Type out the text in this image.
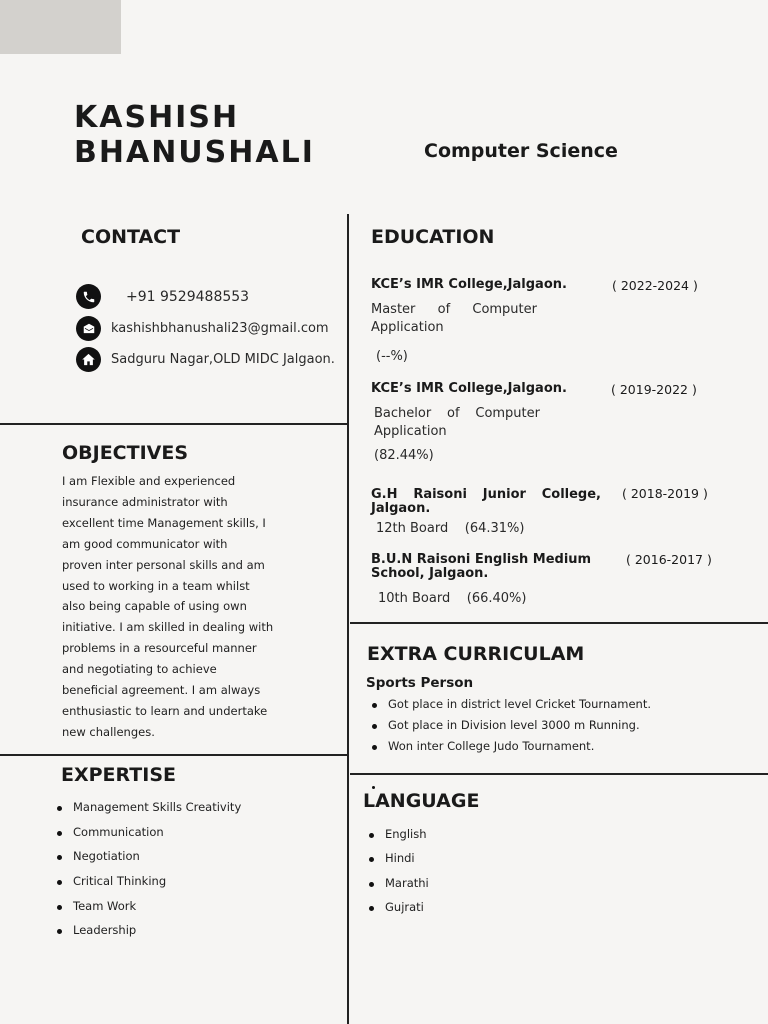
KASHISH
BHANUSHALI	Computer Science
CONTACT
+91 9529488553
kashishbhanushali23@gmail.com
Sadguru Nagar,OLD MIDC Jalgaon.
OBJECTIVES
I am Flexible and experienced
insurance administrator with
excellent time Management skills, I
am good communicator with
proven inter personal skills and am
used to working in a team whilst
also being capable of using own
initiative. I am skilled in dealing with
problems in a resourceful manner
and negotiating to achieve
beneficial agreement. I am always
enthusiastic to learn and undertake
new challenges.
EXPERTISE
Management Skills Creativity
Communication
Negotiation
Critical Thinking
Team Work
Leadership
EDUCATION
KCE’s IMR College,Jalgaon.	( 2022-2024 )
Master of Computer
Application
(--%)
KCE’s IMR College,Jalgaon.	( 2019-2022 )
Bachelor of Computer
Application
(82.44%)
G.H Raisoni Junior College,
Jalgaon.
( 2018-2019 )
12th Board    (64.31%)
B.U.N Raisoni English Medium
School, Jalgaon.
( 2016-2017 )
10th Board    (66.40%)
EXTRA CURRICULAM
Sports Person
Got place in district level Cricket Tournament.
Got place in Division level 3000 m Running.
Won inter College Judo Tournament.
LANGUAGE
English
Hindi
Marathi
Gujrati
